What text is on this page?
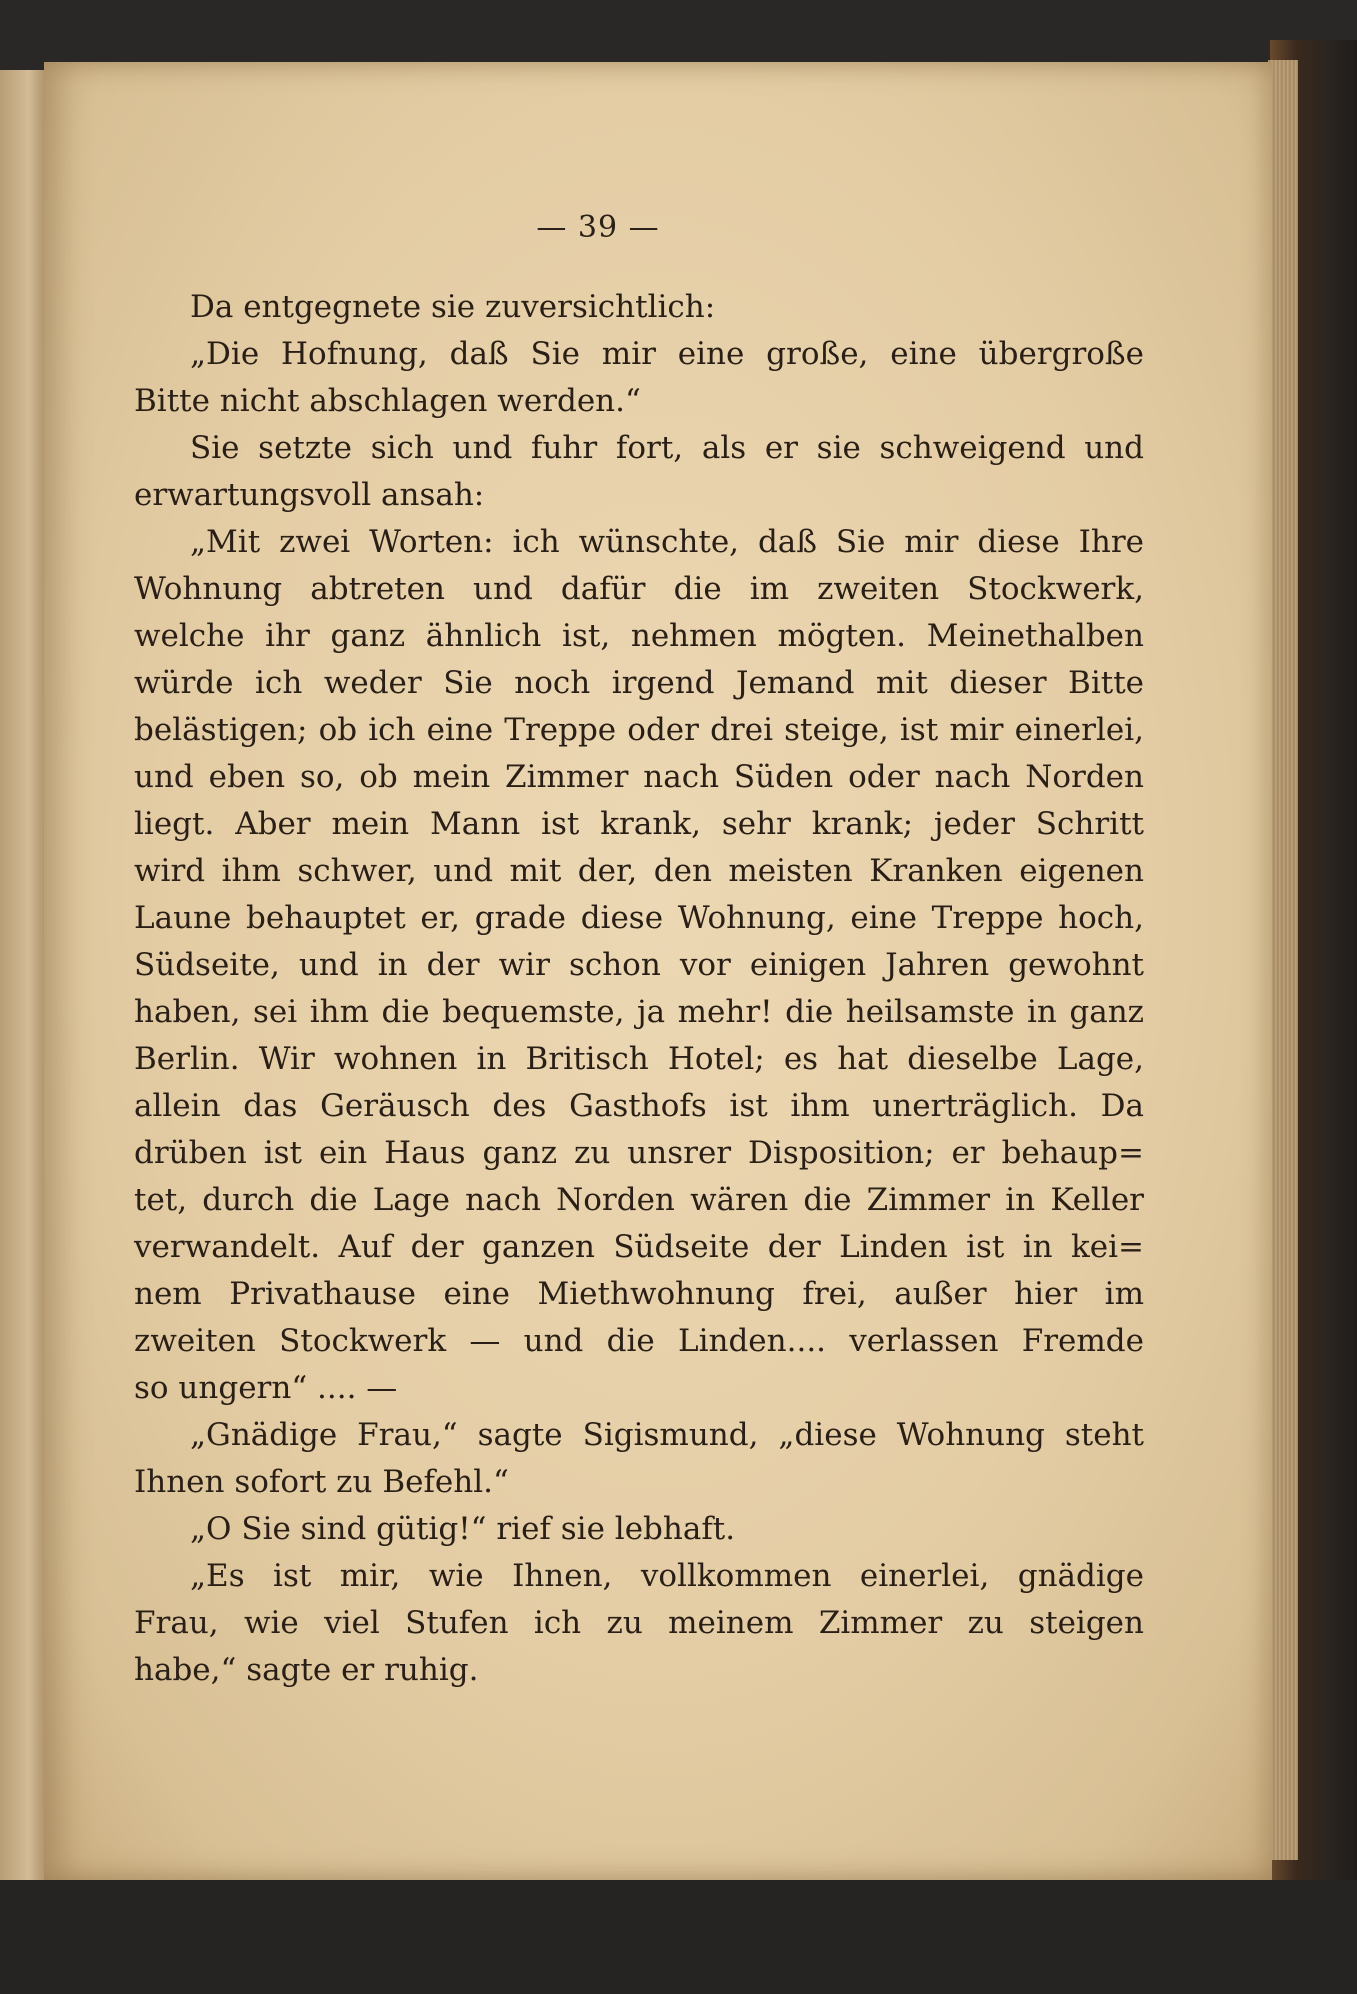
— 39 —
Da entgegnete sie zuversichtlich:
„Die Hofnung, daß Sie mir eine große, eine übergroße
Bitte nicht abschlagen werden.“
Sie setzte sich und fuhr fort, als er sie schweigend und
erwartungsvoll ansah:
„Mit zwei Worten: ich wünschte, daß Sie mir diese Ihre
Wohnung abtreten und dafür die im zweiten Stockwerk,
welche ihr ganz ähnlich ist, nehmen mögten. Meinethalben
würde ich weder Sie noch irgend Jemand mit dieser Bitte
belästigen; ob ich eine Treppe oder drei steige, ist mir einerlei,
und eben so, ob mein Zimmer nach Süden oder nach Norden
liegt. Aber mein Mann ist krank, sehr krank; jeder Schritt
wird ihm schwer, und mit der, den meisten Kranken eigenen
Laune behauptet er, grade diese Wohnung, eine Treppe hoch,
Südseite, und in der wir schon vor einigen Jahren gewohnt
haben, sei ihm die bequemste, ja mehr! die heilsamste in ganz
Berlin. Wir wohnen in Britisch Hotel; es hat dieselbe Lage,
allein das Geräusch des Gasthofs ist ihm unerträglich. Da
drüben ist ein Haus ganz zu unsrer Disposition; er behaup=
tet, durch die Lage nach Norden wären die Zimmer in Keller
verwandelt. Auf der ganzen Südseite der Linden ist in kei=
nem Privathause eine Miethwohnung frei, außer hier im
zweiten Stockwerk — und die Linden.... verlassen Fremde
so ungern“ .... —
„Gnädige Frau,“ sagte Sigismund, „diese Wohnung steht
Ihnen sofort zu Befehl.“
„O Sie sind gütig!“ rief sie lebhaft.
„Es ist mir, wie Ihnen, vollkommen einerlei, gnädige
Frau, wie viel Stufen ich zu meinem Zimmer zu steigen
habe,“ sagte er ruhig.
